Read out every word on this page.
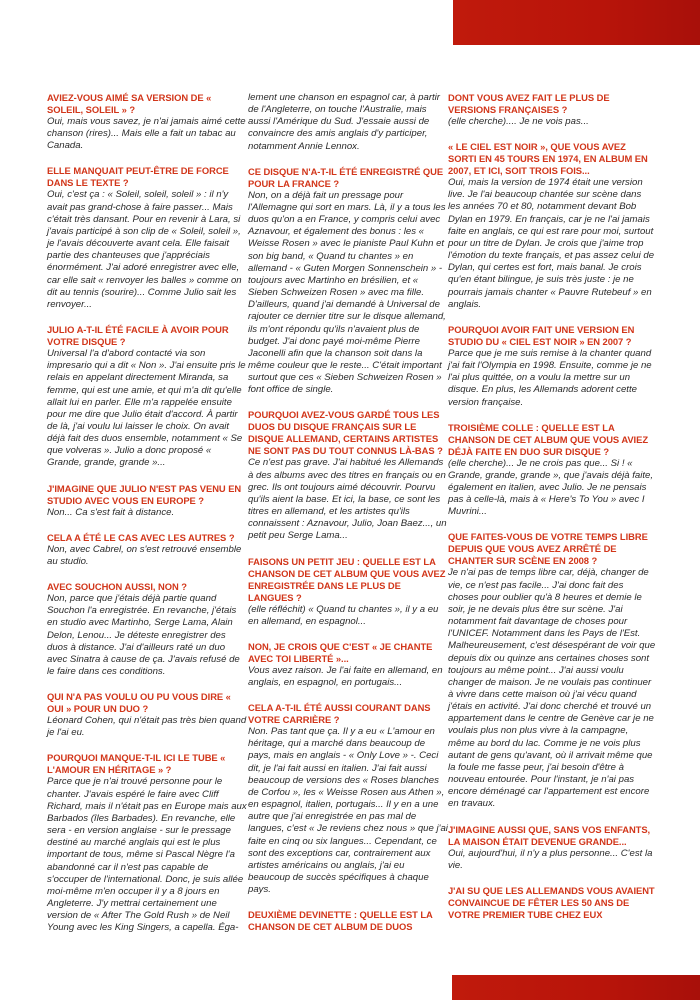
AVIEZ-VOUS AIMÉ SA VERSION DE « SOLEIL, SOLEIL » ?
Oui, mais vous savez, je n'ai jamais aimé cette chanson (rires)... Mais elle a fait un tabac au Canada.
ELLE MANQUAIT PEUT-ÊTRE DE FORCE DANS LE TEXTE ?
Oui, c'est ça : « Soleil, soleil, soleil » : il n'y avait pas grand-chose à faire passer... Mais c'était très dansant. Pour en revenir à Lara, si j'avais participé à son clip de « Soleil, soleil », je l'avais découverte avant cela. Elle faisait partie des chanteuses que j'appréciais énormément. J'ai adoré enregistrer avec elle, car elle sait « renvoyer les balles » comme on dit au tennis (sourire)... Comme Julio sait les renvoyer...
JULIO A-T-IL ÉTÉ FACILE À AVOIR POUR VOTRE DISQUE ?
Universal l'a d'abord contacté via son impresario qui a dit « Non ». J'ai ensuite pris le relais en appelant directement Miranda, sa femme, qui est une amie, et qui m'a dit qu'elle allait lui en parler. Elle m'a rappelée ensuite pour me dire que Julio était d'accord. À partir de là, j'ai voulu lui laisser le choix. On avait déjà fait des duos ensemble, notamment « Se que volveras ». Julio a donc proposé « Grande, grande, grande »...
J'IMAGINE QUE JULIO N'EST PAS VENU EN STUDIO AVEC VOUS EN EUROPE ?
Non... Ca s'est fait à distance.
CELA A ÉTÉ LE CAS AVEC LES AUTRES ?
Non, avec Cabrel, on s'est retrouvé ensemble au studio.
AVEC SOUCHON AUSSI, NON ?
Non, parce que j'étais déjà partie quand Souchon l'a enregistrée. En revanche, j'étais en studio avec Martinho, Serge Lama, Alain Delon, Lenou... Je déteste enregistrer des duos à distance. J'ai d'ailleurs raté un duo avec Sinatra à cause de ça. J'avais refusé de le faire dans ces conditions.
QUI N'A PAS VOULU OU PU VOUS DIRE « OUI » POUR UN DUO ?
Léonard Cohen, qui n'était pas très bien quand je l'ai eu.
POURQUOI MANQUE-T-IL ICI LE TUBE « L'AMOUR EN HÉRITAGE » ?
Parce que je n'ai trouvé personne pour le chanter. J'avais espéré le faire avec Cliff Richard, mais il n'était pas en Europe mais aux Barbados (îles Barbades). En revanche, elle sera - en version anglaise - sur le pressage destiné au marché anglais qui est le plus important de tous, même si Pascal Nègre l'a abandonné car il n'est pas capable de s'occuper de l'international. Donc, je suis allée moi-même m'en occuper il y a 8 jours en Angleterre. J'y mettrai certainement une version de « After The Gold Rush » de Neil Young avec les King Singers, a capella. Éga-
lement une chanson en espagnol car, à partir de l'Angleterre, on touche l'Australie, mais aussi l'Amérique du Sud. J'essaie aussi de convaincre des amis anglais d'y participer, notamment Annie Lennox.
CE DISQUE N'A-T-IL ÉTÉ ENREGISTRÉ QUE POUR LA FRANCE ?
Non, on a déjà fait un pressage pour l'Allemagne qui sort en mars. Là, il y a tous les duos qu'on a en France, y compris celui avec Aznavour, et également des bonus : les « Weisse Rosen » avec le pianiste Paul Kuhn et son big band, « Quand tu chantes » en allemand - « Guten Morgen Sonnenschein » - toujours avec Martinho en brésilien, et « Sieben Schweizen Rosen » avec ma fille. D'ailleurs, quand j'ai demandé à Universal de rajouter ce dernier titre sur le disque allemand, ils m'ont répondu qu'ils n'avaient plus de budget. J'ai donc payé moi-même Pierre Jaconelli afin que la chanson soit dans la même couleur que le reste... C'était important surtout que ces « Sieben Schweizen Rosen » font office de single.
POURQUOI AVEZ-VOUS GARDÉ TOUS LES DUOS DU DISQUE FRANÇAIS SUR LE DISQUE ALLEMAND, CERTAINS ARTISTES NE SONT PAS DU TOUT CONNUS LÀ-BAS ?
Ce n'est pas grave. J'ai habitué les Allemands à des albums avec des titres en français ou en grec. Ils ont toujours aimé découvrir. Pourvu qu'ils aient la base. Et ici, la base, ce sont les titres en allemand, et les artistes qu'ils connaissent : Aznavour, Julio, Joan Baez..., un petit peu Serge Lama...
FAISONS UN PETIT JEU : QUELLE EST LA CHANSON DE CET ALBUM QUE VOUS AVEZ ENREGISTRÉE DANS LE PLUS DE LANGUES ?
(elle réfléchit) « Quand tu chantes », il y a eu en allemand, en espagnol...
NON, JE CROIS QUE C'EST « JE CHANTE AVEC TOI LIBERTÉ »...
Vous avez raison. Je l'ai faite en allemand, en anglais, en espagnol, en portugais...
CELA A-T-IL ÉTÉ AUSSI COURANT DANS VOTRE CARRIÈRE ?
Non. Pas tant que ça. Il y a eu « L'amour en héritage, qui a marché dans beaucoup de pays, mais en anglais - « Only Love » -. Ceci dit, je l'ai fait aussi en italien. J'ai fait aussi beaucoup de versions des « Roses blanches de Corfou », les « Weisse Rosen aus Athen », en espagnol, italien, portugais... Il y en a une autre que j'ai enregistrée en pas mal de langues, c'est « Je reviens chez nous » que j'ai faite en cinq ou six langues... Cependant, ce sont des exceptions car, contrairement aux artistes américains ou anglais, j'ai eu beaucoup de succès spécifiques à chaque pays.
DEUXIÈME DEVINETTE : QUELLE EST LA CHANSON DE CET ALBUM DE DUOS
DONT VOUS AVEZ FAIT LE PLUS DE VERSIONS FRANÇAISES ?
(elle cherche).... Je ne vois pas...
« LE CIEL EST NOIR », QUE VOUS AVEZ SORTI EN 45 TOURS EN 1974, EN ALBUM EN 2007, ET ICI, SOIT TROIS FOIS...
Oui, mais la version de 1974 était une version live. Je l'ai beaucoup chantée sur scène dans les années 70 et 80, notamment devant Bob Dylan en 1979. En français, car je ne l'ai jamais faite en anglais, ce qui est rare pour moi, surtout pour un titre de Dylan. Je crois que j'aime trop l'émotion du texte français, et pas assez celui de Dylan, qui certes est fort, mais banal. Je crois qu'en étant bilingue, je suis très juste : je ne pourrais jamais chanter « Pauvre Rutebeuf » en anglais.
POURQUOI AVOIR FAIT UNE VERSION EN STUDIO DU « CIEL EST NOIR » EN 2007 ?
Parce que je me suis remise à la chanter quand j'ai fait l'Olympia en 1998. Ensuite, comme je ne l'ai plus quittée, on a voulu la mettre sur un disque. En plus, les Allemands adorent cette version française.
TROISIÈME COLLE : QUELLE EST LA CHANSON DE CET ALBUM QUE VOUS AVIEZ DÉJÀ FAITE EN DUO SUR DISQUE ?
(elle cherche)... Je ne crois pas que... Si ! « Grande, grande, grande », que j'avais déjà faite, également en italien, avec Julio. Je ne pensais pas à celle-là, mais à « Here's To You » avec I Muvrini...
QUE FAITES-VOUS DE VOTRE TEMPS LIBRE DEPUIS QUE VOUS AVEZ ARRÊTÉ DE CHANTER SUR SCÈNE EN 2008 ?
Je n'ai pas de temps libre car, déjà, changer de vie, ce n'est pas facile... J'ai donc fait des choses pour oublier qu'à 8 heures et demie le soir, je ne devais plus être sur scène. J'ai notamment fait davantage de choses pour l'UNICEF. Notamment dans les Pays de l'Est. Malheureusement, c'est désespérant de voir que depuis dix ou quinze ans certaines choses sont toujours au même point... J'ai aussi voulu changer de maison. Je ne voulais pas continuer à vivre dans cette maison où j'ai vécu quand j'étais en activité. J'ai donc cherché et trouvé un appartement dans le centre de Genève car je ne voulais plus non plus vivre à la campagne, même au bord du lac. Comme je ne vois plus autant de gens qu'avant, où il arrivait même que la foule me fasse peur, j'ai besoin d'être à nouveau entourée. Pour l'instant, je n'ai pas encore déménagé car l'appartement est encore en travaux.
J'IMAGINE AUSSI QUE, SANS VOS ENFANTS, LA MAISON ÉTAIT DEVENUE GRANDE...
Oui, aujourd'hui, il n'y a plus personne... C'est la vie.
J'AI SU QUE LES ALLEMANDS VOUS AVAIENT CONVAINCUE DE FÊTER LES 50 ANS DE VOTRE PREMIER TUBE CHEZ EUX
